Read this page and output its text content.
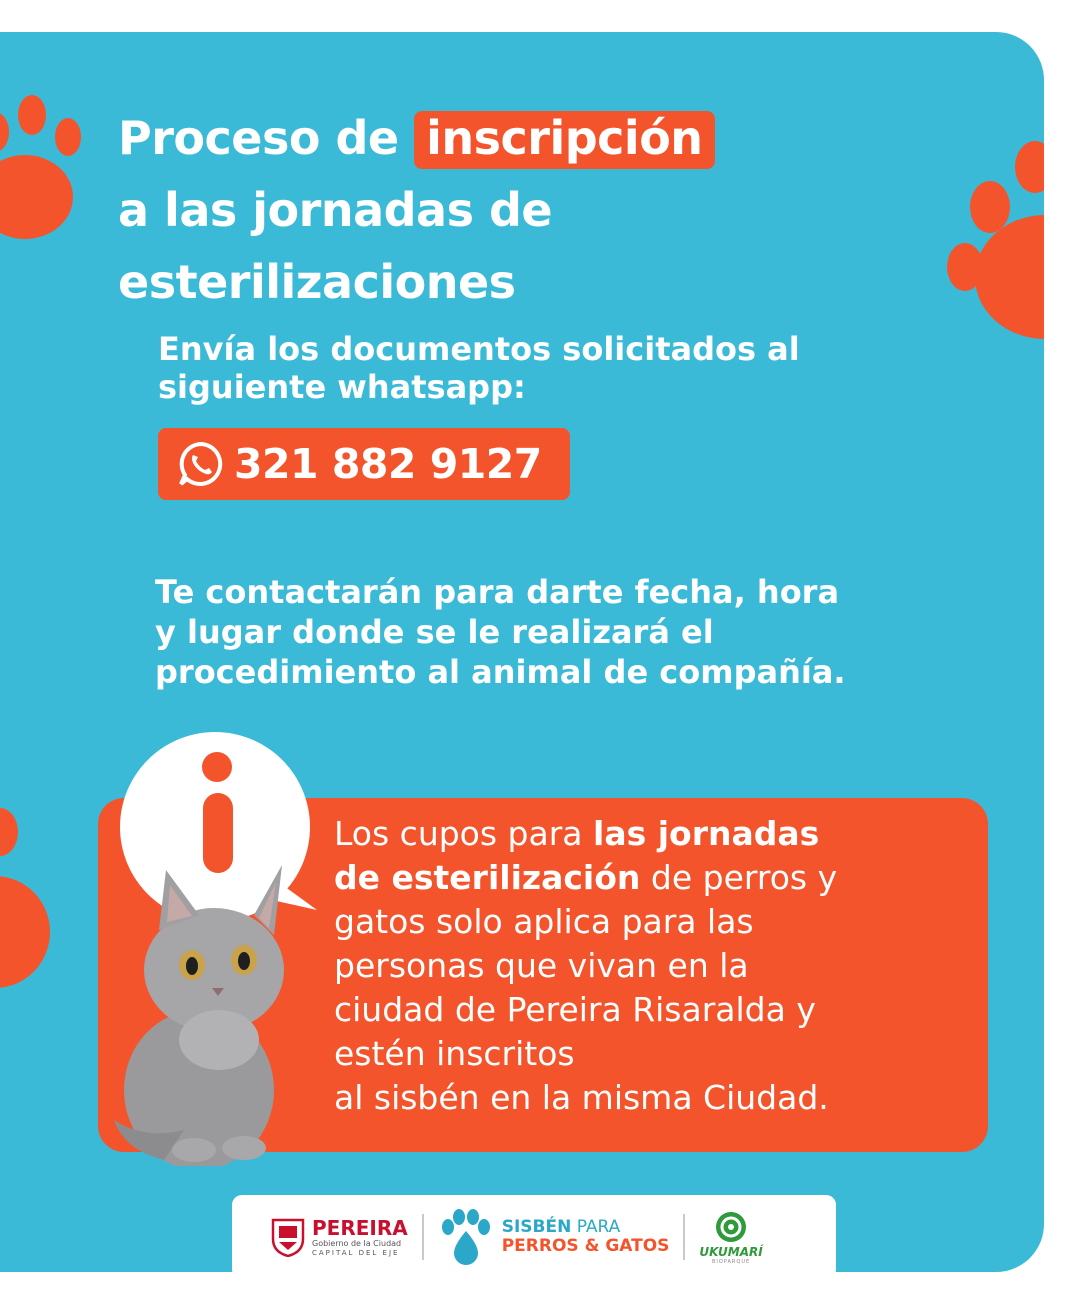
Proceso de inscripción
a las jornadas de
esterilizaciones
Envía los documentos solicitados al
siguiente whatsapp:
321 882 9127
Te contactarán para darte fecha, hora
y lugar donde se le realizará el
procedimiento al animal de compañía.
Los cupos para las jornadas
de esterilización de perros y
gatos solo aplica para las
personas que vivan en la
ciudad de Pereira Risaralda y
estén inscritos
al sisbén en la misma Ciudad.
PEREIRA
Gobierno de la Ciudad
CAPITAL DEL EJE
SISBÉN PARA
PERROS & GATOS	UKUMARÍ
BIOPARQUE
